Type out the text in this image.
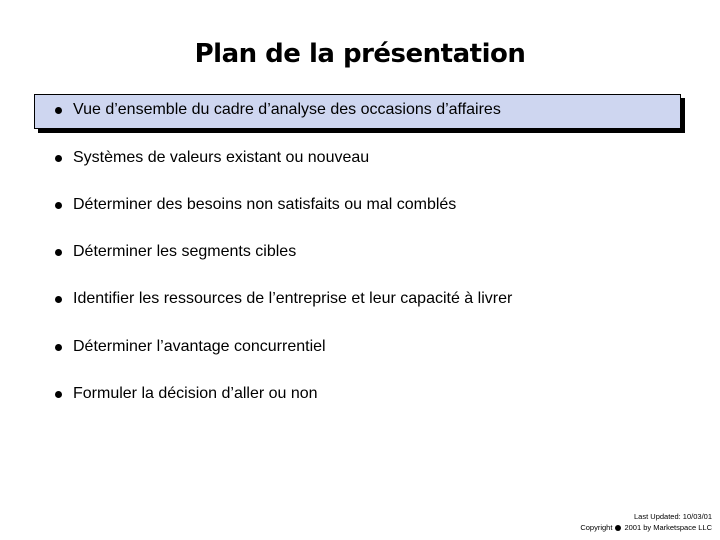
Plan de la présentation
Vue d’ensemble du cadre d’analyse des occasions d’affaires
Systèmes de valeurs existant ou nouveau
Déterminer des besoins non satisfaits ou mal comblés
Déterminer les segments cibles
Identifier les ressources de l’entreprise et leur capacité à livrer
Déterminer l’avantage concurrentiel
Formuler la décision d’aller ou non
Last Updated: 10/03/01
Copyright 2001 by Marketspace LLC
